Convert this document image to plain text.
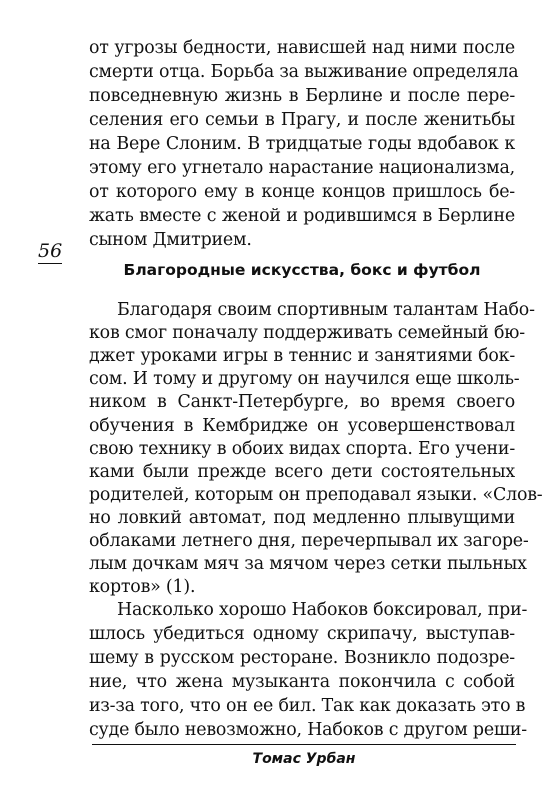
от угрозы бедности, нависшей над ними после
смерти отца. Борьба за выживание определяла
повседневную жизнь в Берлине и после пере-
селения его семьи в Прагу, и после женитьбы
на Вере Слоним. В тридцатые годы вдобавок к
этому его угнетало нарастание национализма,
от которого ему в конце концов пришлось бе-
жать вместе с женой и родившимся в Берлине
сыном Дмитрием.
56
Благородные искусства, бокс и футбол
Благодаря своим спортивным талантам Набо-
ков смог поначалу поддерживать семейный бю-
джет уроками игры в теннис и занятиями бок-
сом. И тому и другому он научился еще школь-
ником в Санкт-Петербурге, во время своего
обучения в Кембридже он усовершенствовал
свою технику в обоих видах спорта. Его учени-
ками были прежде всего дети состоятельных
родителей, которым он преподавал языки. «Слов-
но ловкий автомат, под медленно плывущими
облаками летнего дня, перечерпывал их загоре-
лым дочкам мяч за мячом через сетки пыльных
кортов» (1).
Насколько хорошо Набоков боксировал, при-
шлось убедиться одному скрипачу, выступав-
шему в русском ресторане. Возникло подозре-
ние, что жена музыканта покончила с собой
из-за того, что он ее бил. Так как доказать это в
суде было невозможно, Набоков с другом реши-
Томас Урбан
